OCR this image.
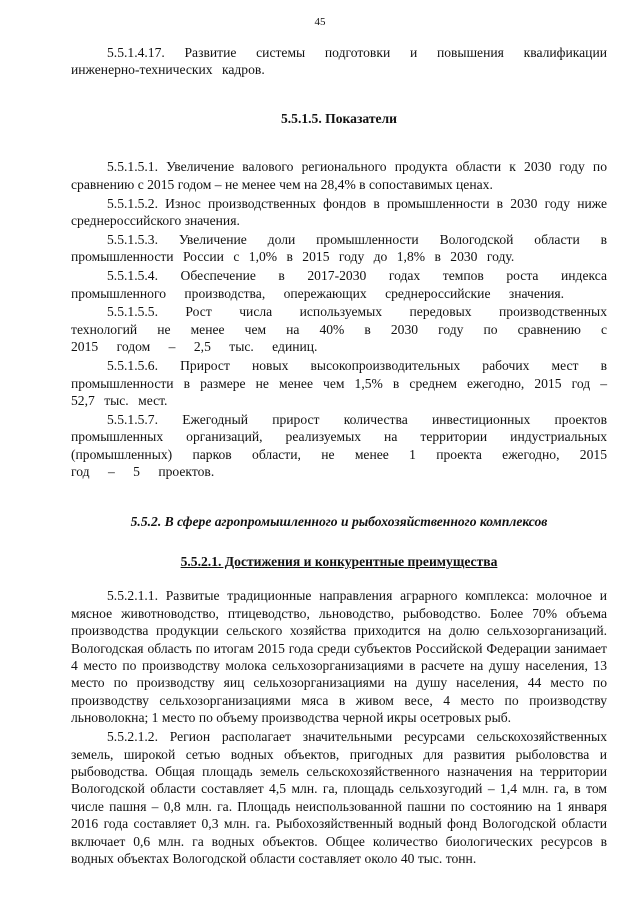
45

5.5.1.4.17. Развитие системы подготовки и повышения квалификации инженерно-технических кадров.

5.5.1.5. Показатели

5.5.1.5.1. Увеличение валового регионального продукта области к 2030 году по сравнению с 2015 годом – не менее чем на 28,4% в сопоставимых ценах.

5.5.1.5.2. Износ производственных фондов в промышленности в 2030 году ниже среднероссийского значения.

5.5.1.5.3. Увеличение доли промышленности Вологодской области в промышленности России с 1,0% в 2015 году до 1,8% в 2030 году.

5.5.1.5.4. Обеспечение в 2017-2030 годах темпов роста индекса промышленного производства, опережающих среднероссийские значения.

5.5.1.5.5. Рост числа используемых передовых производственных технологий не менее чем на 40% в 2030 году по сравнению с 2015 годом – 2,5 тыс. единиц.

5.5.1.5.6. Прирост новых высокопроизводительных рабочих мест в промышленности в размере не менее чем 1,5% в среднем ежегодно, 2015 год – 52,7 тыс. мест.

5.5.1.5.7. Ежегодный прирост количества инвестиционных проектов промышленных организаций, реализуемых на территории индустриальных (промышленных) парков области, не менее 1 проекта ежегодно, 2015 год – 5 проектов.

5.5.2. В сфере агропромышленного и рыбохозяйственного комплексов
5.5.2.1. Достижения и конкурентные преимущества

5.5.2.1.1. Развитые традиционные направления аграрного комплекса: молочное и мясное животноводство, птицеводство, льноводство, рыбоводство. Более 70% объема производства продукции сельского хозяйства приходится на долю сельхозорганизаций. Вологодская область по итогам 2015 года среди субъектов Российской Федерации занимает 4 место по производству молока сельхозорганизациями в расчете на душу населения, 13 место по производству яиц сельхозорганизациями на душу населения, 44 место по производству сельхозорганизациями мяса в живом весе, 4 место по производству льноволокна; 1 место по объему производства черной икры осетровых рыб.

5.5.2.1.2. Регион располагает значительными ресурсами сельскохозяйственных земель, широкой сетью водных объектов, пригодных для развития рыболовства и рыбоводства. Общая площадь земель сельскохозяйственного назначения на территории Вологодской области составляет 4,5 млн. га, площадь сельхозугодий – 1,4 млн. га, в том числе пашня – 0,8 млн. га. Площадь неиспользованной пашни по состоянию на 1 января 2016 года составляет 0,3 млн. га. Рыбохозяйственный водный фонд Вологодской области включает 0,6 млн. га водных объектов. Общее количество биологических ресурсов в водных объектах Вологодской области составляет около 40 тыс. тонн.
